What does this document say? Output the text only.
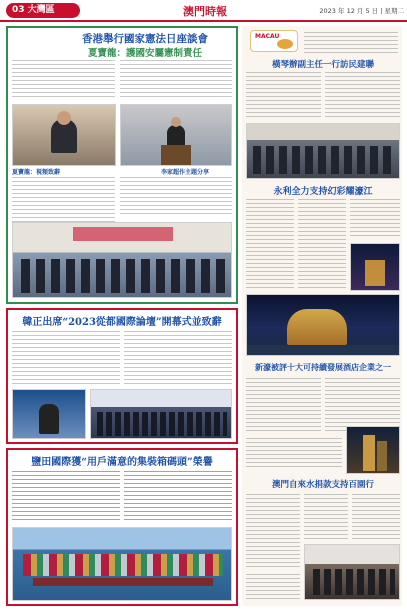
03 大灣區	澳門時報	2023 年 12 月 5 日 | 星期二
香港舉行國家憲法日座談會
夏寶龍：護國安屬憲制責任
夏寶龍：視頻致辭	李家超作主題分享
韓正出席“2023從都國際論壇”開幕式並致辭
鹽田國際獲“用戶滿意的集裝箱碼頭”榮譽
MACAU
橫琴辦副主任一行訪民建聯
永利全力支持幻彩耀濠江
新濠被評十大可持續發展酒店企業之一
澳門自來水捐款支持百園行
